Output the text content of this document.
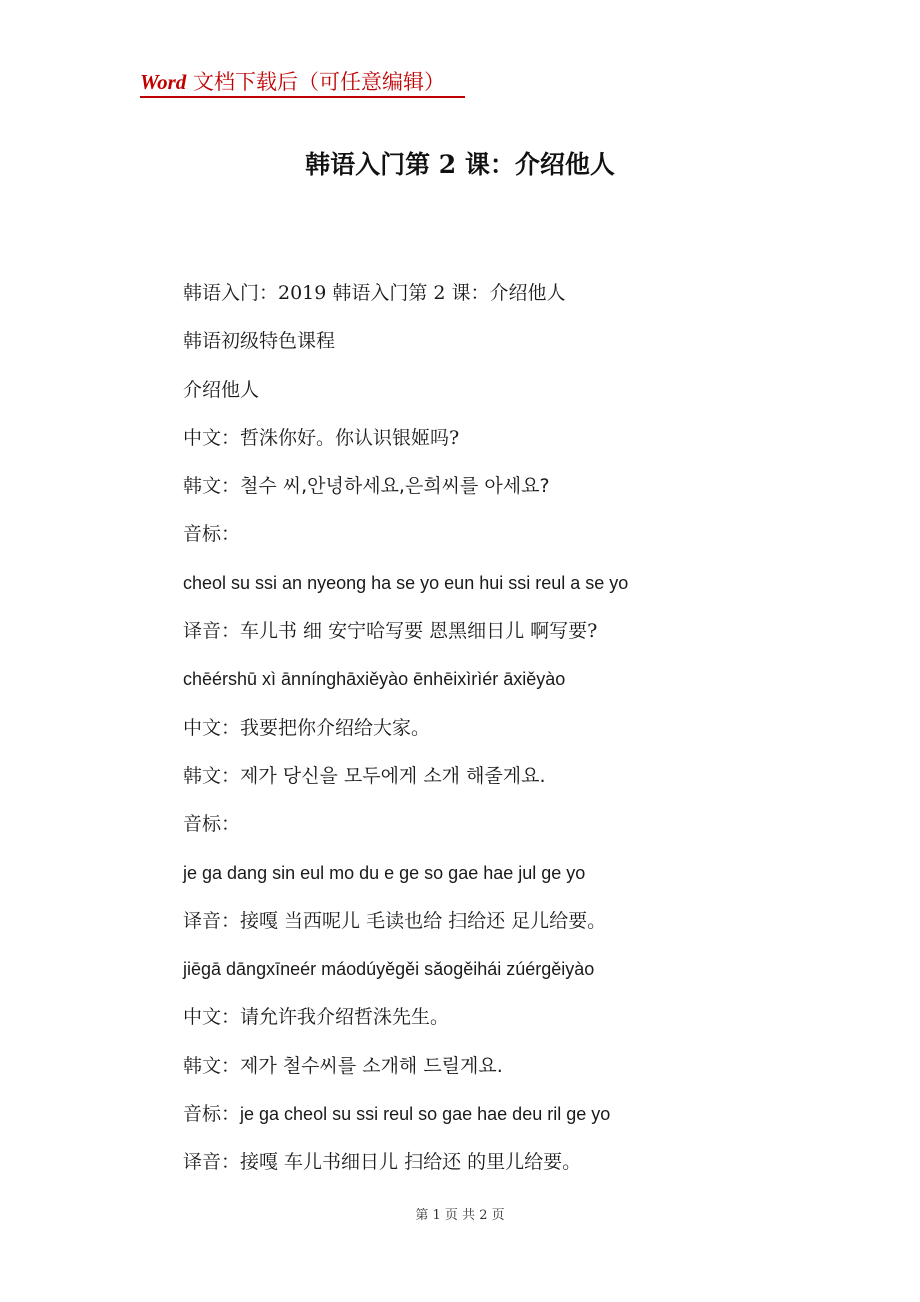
Word 文档下载后（可任意编辑）
韩语入门第 2 课：介绍他人
韩语入门：2019 韩语入门第 2 课：介绍他人
韩语初级特色课程
介绍他人
中文：哲洙你好。你认识银姬吗?
韩文：철수 씨,안녕하세요,은희씨를 아세요?
音标：
cheol su ssi an nyeong ha se yo eun hui ssi reul a se yo
译音：车儿书 细 安宁哈写要 恩黑细日儿 啊写要?
chēérshū xì ānnínghāxiěyào ēnhēixìrìér āxiěyào
中文：我要把你介绍给大家。
韩文：제가 당신을 모두에게 소개 해줄게요.
音标：
je ga dang sin eul mo du e ge so gae hae jul ge yo
译音：接嘎 当西呢儿 毛读也给 扫给还 足儿给要。
jiēgā dāngxīneér máodúyěgěi sǎogěihái zúérgěiyào
中文：请允许我介绍哲洙先生。
韩文：제가 철수씨를 소개해 드릴게요.
音标：je ga cheol su ssi reul so gae hae deu ril ge yo
译音：接嘎 车儿书细日儿 扫给还 的里儿给要。
第 1 页 共 2 页
